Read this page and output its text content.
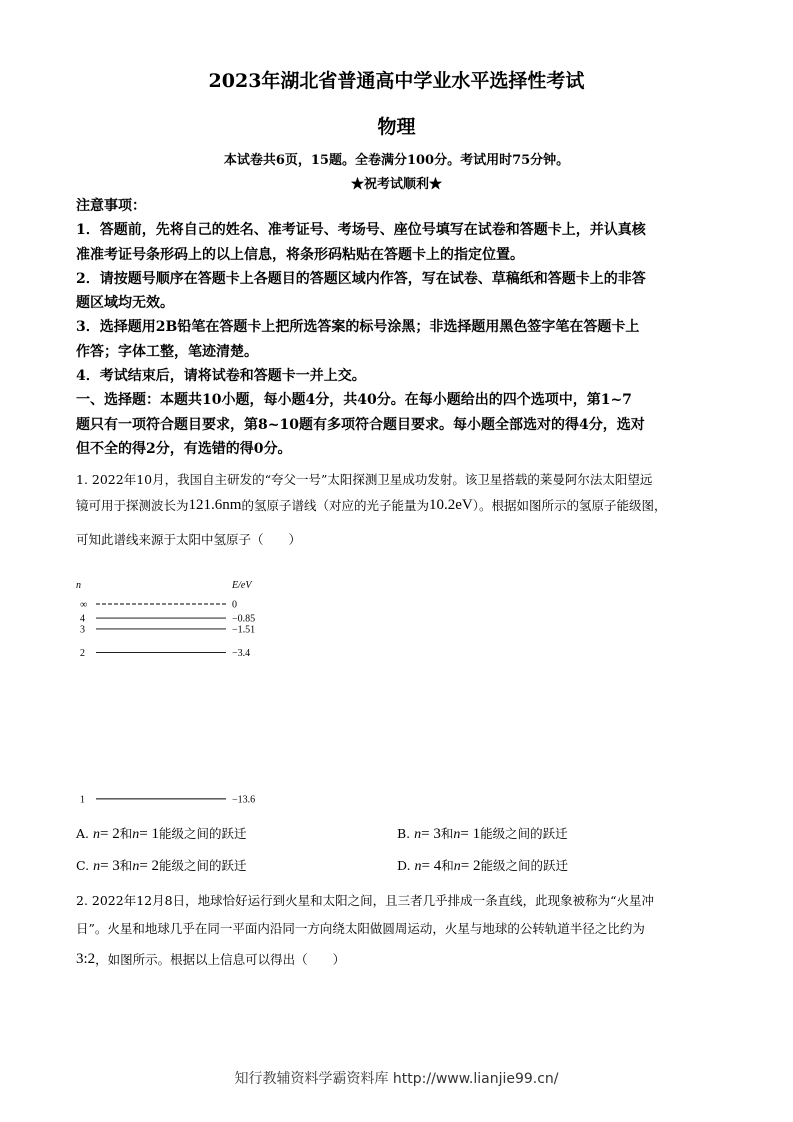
2023年湖北省普通高中学业水平选择性考试
物理
本试卷共6页，15题。全卷满分100分。考试用时75分钟。
★祝考试顺利★
注意事项：
1．答题前，先将自己的姓名、准考证号、考场号、座位号填写在试卷和答题卡上，并认真核
准准考证号条形码上的以上信息，将条形码粘贴在答题卡上的指定位置。
2．请按题号顺序在答题卡上各题目的答题区域内作答，写在试卷、草稿纸和答题卡上的非答
题区域均无效。
3．选择题用2B铅笔在答题卡上把所选答案的标号涂黑；非选择题用黑色签字笔在答题卡上
作答；字体工整，笔迹清楚。
4．考试结束后，请将试卷和答题卡一并上交。
一、选择题：本题共10小题，每小题4分，共40分。在每小题给出的四个选项中，第1~7
题只有一项符合题目要求，第8~10题有多项符合题目要求。每小题全部选对的得4分，选对
但不全的得2分，有选错的得0分。
1. 2022年10月，我国自主研发的“夸父一号”太阳探测卫星成功发射。该卫星搭载的莱曼阿尔法太阳望远
镜可用于探测波长为 121.6nm 的氢原子谱线（对应的光子能量为 10.2eV ）。根据如图所示的氢原子能级图，
可知此谱线来源于太阳中氢原子（　　）
n	E/eV
∞	0
4	−0.85
3	−1.51
2	−3.4
1	−13.6
A. n= 2和n= 1能级之间的跃迁	B. n= 3和n= 1能级之间的跃迁
C. n= 3和n= 2能级之间的跃迁	D. n= 4和n= 2能级之间的跃迁
2. 2022年12月8日，地球恰好运行到火星和太阳之间，且三者几乎排成一条直线，此现象被称为“火星冲
日”。火星和地球几乎在同一平面内沿同一方向绕太阳做圆周运动，火星与地球的公转轨道半径之比约为
3:2 ，如图所示。根据以上信息可以得出（　　）
知行教辅资料学霸资料库 http://www.lianjie99.cn/
